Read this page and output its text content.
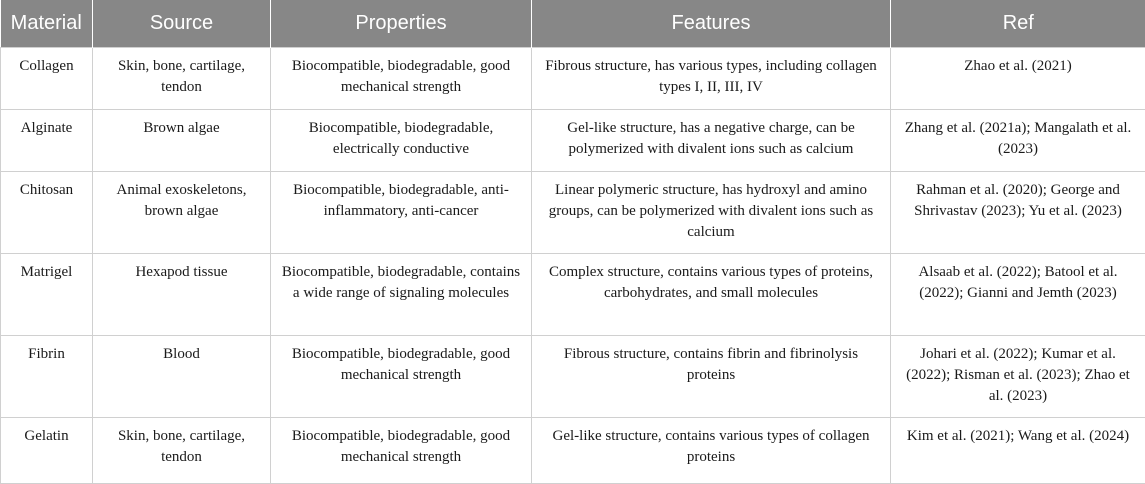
Material	Source	Properties	Features	Ref
Collagen	Skin, bone, cartilage, tendon	Biocompatible, biodegradable, good mechanical strength	Fibrous structure, has various types, including collagen types I, II, III, IV	Zhao et al. (2021)
Alginate	Brown algae	Biocompatible, biodegradable, electrically conductive	Gel-like structure, has a negative charge, can be polymerized with divalent ions such as calcium	Zhang et al. (2021a); Mangalath et al. (2023)
Chitosan	Animal exoskeletons, brown algae	Biocompatible, biodegradable, anti-inflammatory, anti-cancer	Linear polymeric structure, has hydroxyl and amino groups, can be polymerized with divalent ions such as calcium	Rahman et al. (2020); George and Shrivastav (2023); Yu et al. (2023)
Matrigel	Hexapod tissue	Biocompatible, biodegradable, contains a wide range of signaling molecules	Complex structure, contains various types of proteins, carbohydrates, and small molecules	Alsaab et al. (2022); Batool et al. (2022); Gianni and Jemth (2023)
Fibrin	Blood	Biocompatible, biodegradable, good mechanical strength	Fibrous structure, contains fibrin and fibrinolysis proteins	Johari et al. (2022); Kumar et al. (2022); Risman et al. (2023); Zhao et al. (2023)
Gelatin	Skin, bone, cartilage, tendon	Biocompatible, biodegradable, good mechanical strength	Gel-like structure, contains various types of collagen proteins	Kim et al. (2021); Wang et al. (2024)
